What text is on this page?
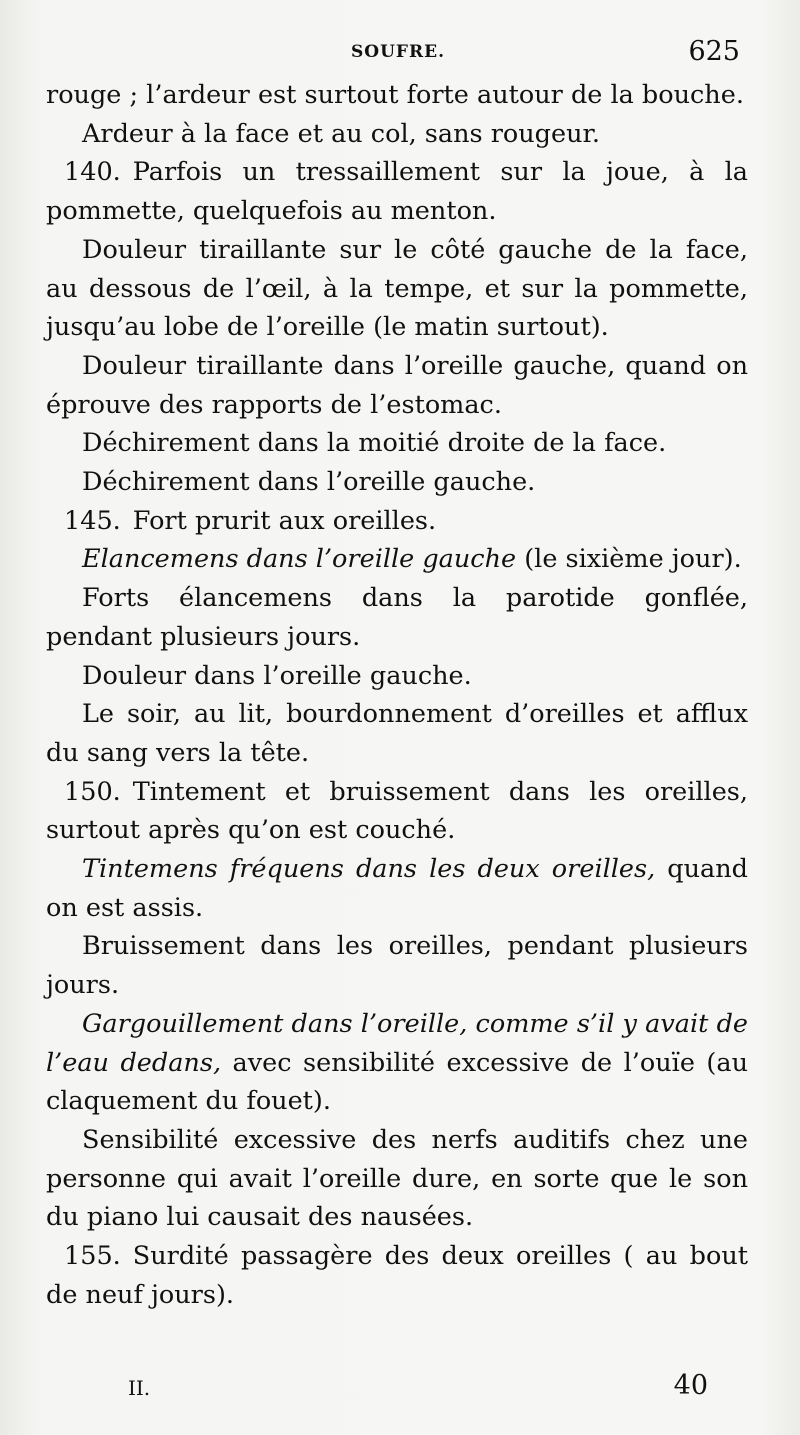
SOUFRE.	625
rouge ; l’ardeur est surtout forte autour de la bouche.
Ardeur à la face et au col, sans rougeur.
140. Parfois un tressaillement sur la joue, à la pommette, quelquefois au menton.
Douleur tiraillante sur le côté gauche de la face, au dessous de l’œil, à la tempe, et sur la pommette, jusqu’au lobe de l’oreille (le matin surtout).
Douleur tiraillante dans l’oreille gauche, quand on éprouve des rapports de l’estomac.
Déchirement dans la moitié droite de la face.
Déchirement dans l’oreille gauche.
145. Fort prurit aux oreilles.
Elancemens dans l’oreille gauche (le sixième jour).
Forts élancemens dans la parotide gonflée, pendant plusieurs jours.
Douleur dans l’oreille gauche.
Le soir, au lit, bourdonnement d’oreilles et afflux du sang vers la tête.
150. Tintement et bruissement dans les oreilles, surtout après qu’on est couché.
Tintemens fréquens dans les deux oreilles, quand on est assis.
Bruissement dans les oreilles, pendant plusieurs jours.
Gargouillement dans l’oreille, comme s’il y avait de l’eau dedans, avec sensibilité excessive de l’ouïe (au claquement du fouet).
Sensibilité excessive des nerfs auditifs chez une personne qui avait l’oreille dure, en sorte que le son du piano lui causait des nausées.
155. Surdité passagère des deux oreilles ( au bout de neuf jours).
II.	40
